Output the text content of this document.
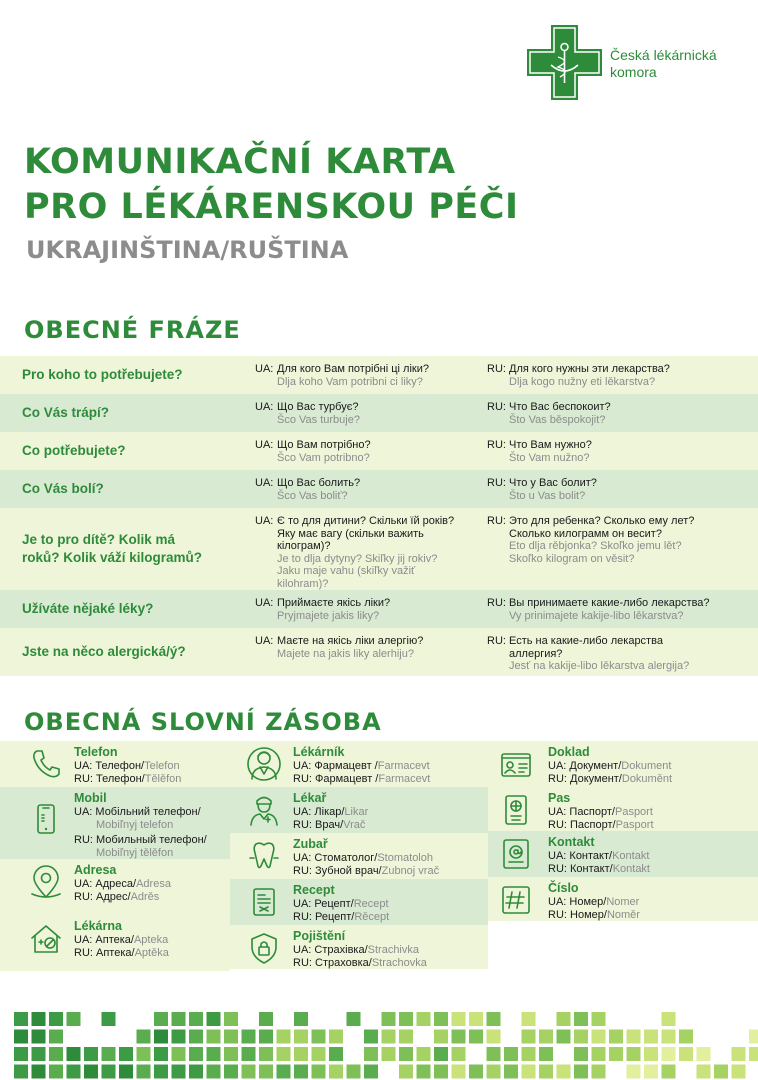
Česká lékárnická
komora
KOMUNIKAČNÍ KARTA
PRO LÉKÁRENSKOU PÉČI
UKRAJINŠTINA/RUŠTINA
OBECNÉ FRÁZE
Pro koho to potřebujete?	UA: Для кого Вам потрібні ці ліки?
Dlja koho Vam potribni ci liky?
RU: Для кого нужны эти лекарства?
Dlja kogo nužny eti lěkarstva?
Co Vás trápí?	UA: Що Вас турбує?
Šco Vas turbuje?
RU: Что Вас беспокоит?
Što Vas běspokojit?
Co potřebujete?	UA: Що Вам потрібно?
Šco Vam potribno?
RU: Что Вам нужно?
Što Vam nužno?
Co Vás bolí?	UA: Що Вас болить?
Šco Vas boliť?
RU: Что у Вас болит?
Što u Vas bolit?
Je to pro dítě? Kolik má
roků? Kolik váží kilogramů?
UA: Є то для дитини? Скільки їй років?
Яку має вагу (скільки важить
кілограм)?
Je to dlja dytyny? Skiľky jij rokiv?
Jaku maje vahu (skiľky važiť
kilohram)?
RU: Это для ребенка? Сколько ему лет?
Сколько килограмм он весит?
Eto dlja rěbjonka? Skoľko jemu lět?
Skoľko kilogram on věsit?
Užíváte nějaké léky?	UA: Приймаєте якісь ліки?
Pryjmajete jakis liky?
RU: Вы принимаете какие-либо лекарства?
Vy prinimajete kakije-libo lěkarstva?
Jste na něco alergická/ý?
UA: Маєте на якісь ліки алергію?
Majete na jakis liky alerhiju?
RU: Есть на какие-либо лекарства
аллергия?
Jesť na kakije-libo lěkarstva alergija?
OBECNÁ SLOVNÍ ZÁSOBA
Telefon
UA: Телефон/Telefon
RU: Телефон/Tělěfon
Mobil
UA: Мобільний телефон/
Mobiľnyj telefon
RU: Мобильный телефон/
Mobiľnyj tělěfon
Adresa
UA: Адреса/Adresa
RU: Адрес/Adrěs
Lékárna
UA: Аптека/Apteka
RU: Аптека/Aptěka
Lékárník
UA: Фармацевт /Farmacevt
RU: Фармацевт /Farmacevt
Lékař
UA: Лікар/Likar
RU: Врач/Vrač
Zubař
UA: Стоматолог/Stomatoloh
RU: Зубной врач/Zubnoj vrač
Recept
UA: Рецепт/Recept
RU: Рецепт/Rěcept
Pojištění
UA: Страхівка/Strachivka
RU: Страховка/Strachovka
Doklad
UA: Документ/Dokument
RU: Документ/Dokuměnt
Pas
UA: Паспорт/Pasport
RU: Паспорт/Pasport
Kontakt
UA: Контакт/Kontakt
RU: Контакт/Kontakt
Číslo
UA: Номер/Nomer
RU: Номер/Noměr
